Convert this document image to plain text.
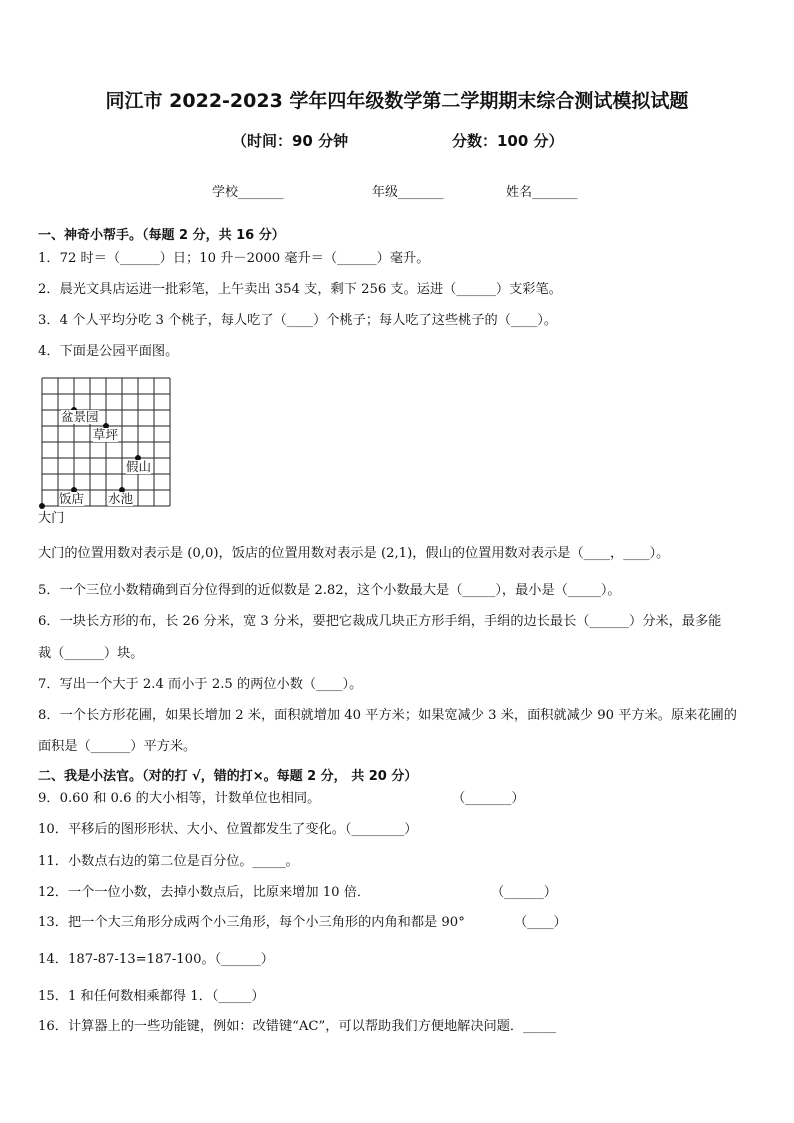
同江市 2022-2023 学年四年级数学第二学期期末综合测试模拟试题
（时间：90 分钟	分数：100 分）
学校_______	年级_______	姓名_______
一、神奇小帮手。（每题 2 分，共 16 分）
1．72 时＝（______）日；10 升－2000 毫升＝（______）毫升。
2．晨光文具店运进一批彩笔，上午卖出 354 支，剩下 256 支。运进（______）支彩笔。
3．4 个人平均分吃 3 个桃子，每人吃了（____）个桃子；每人吃了这些桃子的（____）。
4．下面是公园平面图。
盆景园
草坪
假山
饭店 水池
大门
大门的位置用数对表示是 (0,0)，饭店的位置用数对表示是 (2,1)，假山的位置用数对表示是（____，____）。
5．一个三位小数精确到百分位得到的近似数是 2.82，这个小数最大是（_____），最小是（_____）。
6．一块长方形的布，长 26 分米，宽 3 分米，要把它裁成几块正方形手绢，手绢的边长最长（______）分米，最多能
裁（______）块。
7．写出一个大于 2.4 而小于 2.5 的两位小数（____）。
8．一个长方形花圃，如果长增加 2 米，面积就增加 40 平方米；如果宽减少 3 米，面积就减少 90 平方米。原来花圃的
面积是（______）平方米。
二、我是小法官。（对的打 √，错的打×。每题 2 分， 共 20 分）
9．0.60 和 0.6 的大小相等，计数单位也相同。	（_______）
10．平移后的图形形状、大小、位置都发生了变化。（________）
11．小数点右边的第二位是百分位。_____。
12．一个一位小数，去掉小数点后，比原来增加 10 倍．	（______）
13．把一个大三角形分成两个小三角形，每个小三角形的内角和都是 90°	（____）
14．187-87-13=187-100。（______）
15．1 和任何数相乘都得 1．（_____）
16．计算器上的一些功能键，例如：改错键“AC”，可以帮助我们方便地解决问题．_____
